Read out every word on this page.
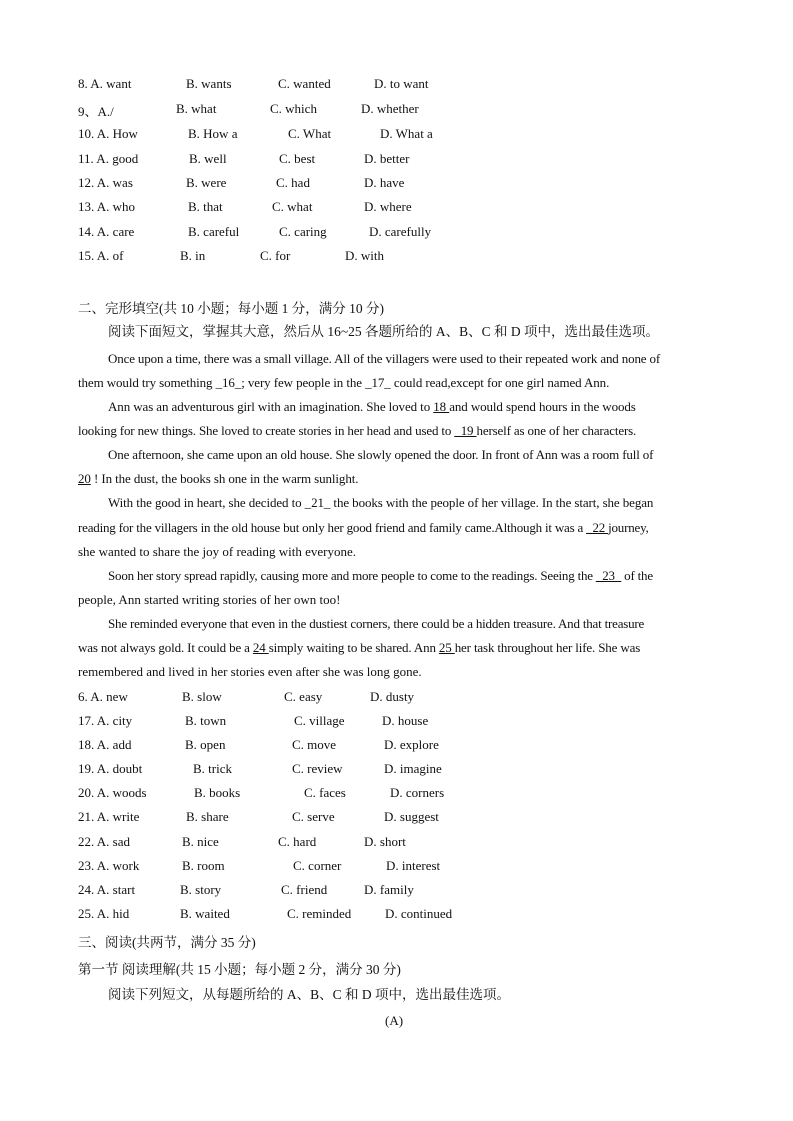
8. A. want	B. wants	C. wanted	D. to want
9、A./	B. what	C. which	D. whether
10. A. How	B. How a	C. What	D. What a
11. A. good	B. well	C. best	D. better
12. A. was	B. were	C. had	D. have
13. A. who	B. that	C. what	D. where
14. A. care	B. careful	C. caring	D. carefully
15. A. of	B. in	C. for	D. with
二、完形填空(共 10 小题；每小题 1 分，满分 10 分)
阅读下面短文，掌握其大意，然后从 16~25 各题所给的 A、B、C 和 D 项中，选出最佳选项。
Once upon a time, there was a small village. All of the villagers were used to their repeated work and none of
them would try something _16_; very few people in the _17_ could read,except for one girl named Ann.
Ann was an adventurous girl with an imagination. She loved to 18 and would spend hours in the woods
looking for new things. She loved to create stories in her head and used to _19 herself as one of her characters.
One afternoon, she came upon an old house. She slowly opened the door. In front of Ann was a room full of
20 ! In the dust, the books sh one in the warm sunlight.
With the good in heart, she decided to _21_ the books with the people of her village. In the start, she began
reading for the villagers in the old house but only her good friend and family came.Although it was a _22 journey,
she wanted to share the joy of reading with everyone.
Soon her story spread rapidly, causing more and more people to come to the readings. Seeing the _23_ of the
people, Ann started writing stories of her own too!
She reminded everyone that even in the dustiest corners, there could be a hidden treasure. And that treasure
was not always gold. It could be a 24 simply waiting to be shared. Ann 25 her task throughout her life. She was
remembered and lived in her stories even after she was long gone.
6. A. new	B. slow	C. easy	D. dusty
17. A. city	B. town	C. village	D. house
18. A. add	B. open	C. move	D. explore
19. A. doubt	B. trick	C. review	D. imagine
20. A. woods	B. books	C. faces	D. corners
21. A. write	B. share	C. serve	D. suggest
22. A. sad	B. nice	C. hard	D. short
23. A. work	B. room	C. corner	D. interest
24. A. start	B. story	C. friend	D. family
25. A. hid	B. waited	C. reminded	D. continued
三、阅读(共两节，满分 35 分)
第一节 阅读理解(共 15 小题；每小题 2 分，满分 30 分)
阅读下列短文，从每题所给的 A、B、C 和 D 项中，选出最佳选项。
(A)
